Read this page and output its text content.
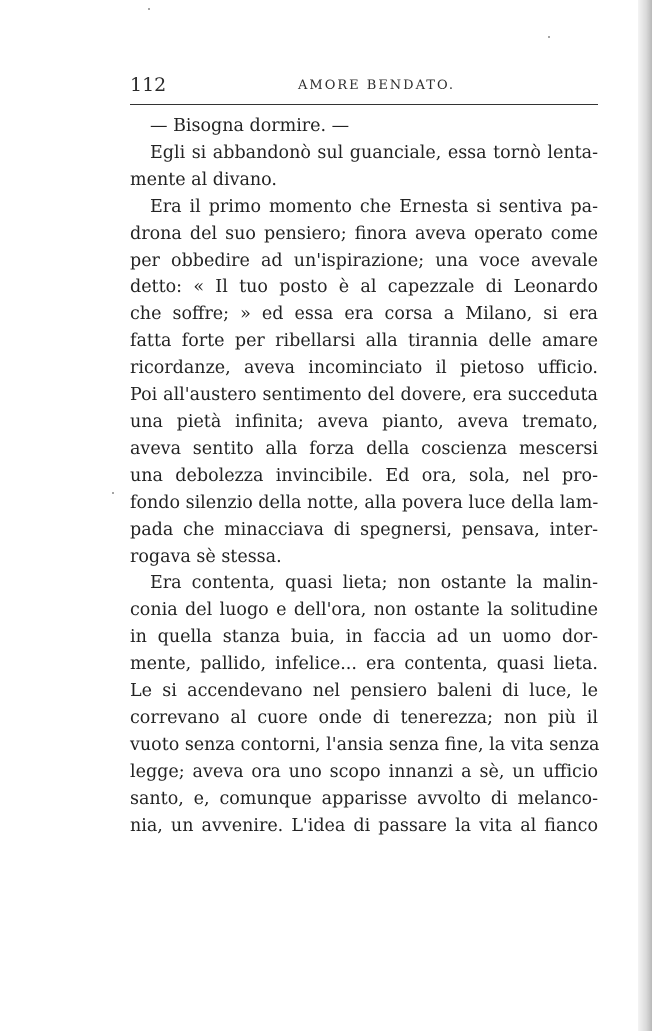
112	AMORE BENDATO.
— Bisogna dormire. —
Egli si abbandonò sul guanciale, essa tornò lenta-
mente al divano.
Era il primo momento che Ernesta si sentiva pa-
drona del suo pensiero; finora aveva operato come
per obbedire ad un'ispirazione; una voce avevale
detto: « Il tuo posto è al capezzale di Leonardo
che soffre; » ed essa era corsa a Milano, si era
fatta forte per ribellarsi alla tirannia delle amare
ricordanze, aveva incominciato il pietoso ufficio.
Poi all'austero sentimento del dovere, era succeduta
una pietà infinita; aveva pianto, aveva tremato,
aveva sentito alla forza della coscienza mescersi
una debolezza invincibile. Ed ora, sola, nel pro-
fondo silenzio della notte, alla povera luce della lam-
pada che minacciava di spegnersi, pensava, inter-
rogava sè stessa.
Era contenta, quasi lieta; non ostante la malin-
conia del luogo e dell'ora, non ostante la solitudine
in quella stanza buia, in faccia ad un uomo dor-
mente, pallido, infelice... era contenta, quasi lieta.
Le si accendevano nel pensiero baleni di luce, le
correvano al cuore onde di tenerezza; non più il
vuoto senza contorni, l'ansia senza fine, la vita senza
legge; aveva ora uno scopo innanzi a sè, un ufficio
santo, e, comunque apparisse avvolto di melanco-
nia, un avvenire. L'idea di passare la vita al fianco
